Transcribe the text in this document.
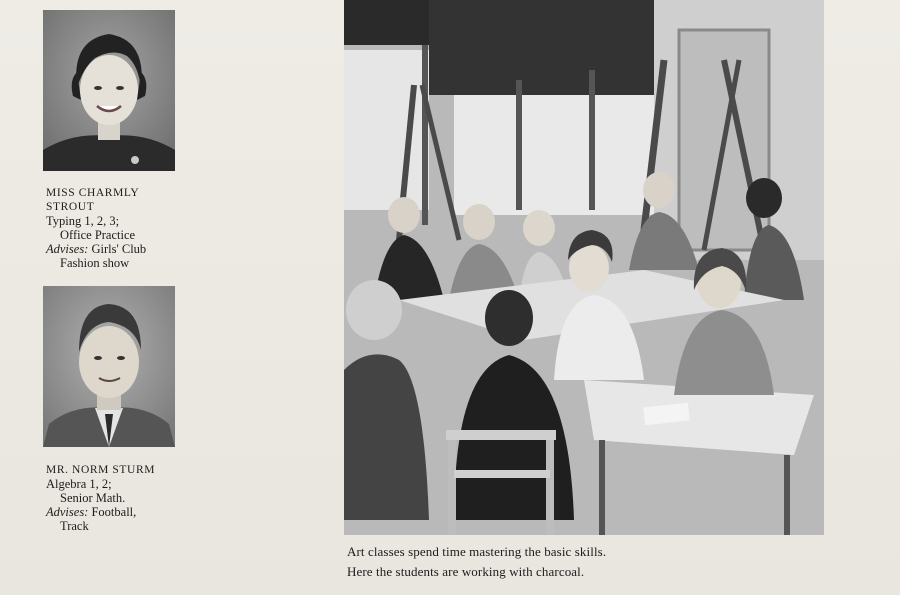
MISS CHARMLY
STROUT
Typing 1, 2, 3;
Office Practice
Advises: Girls' Club
Fashion show
MR. NORM STURM
Algebra 1, 2;
Senior Math.
Advises: Football,
Track
Art classes spend time mastering the basic skills.
Here the students are working with charcoal.
